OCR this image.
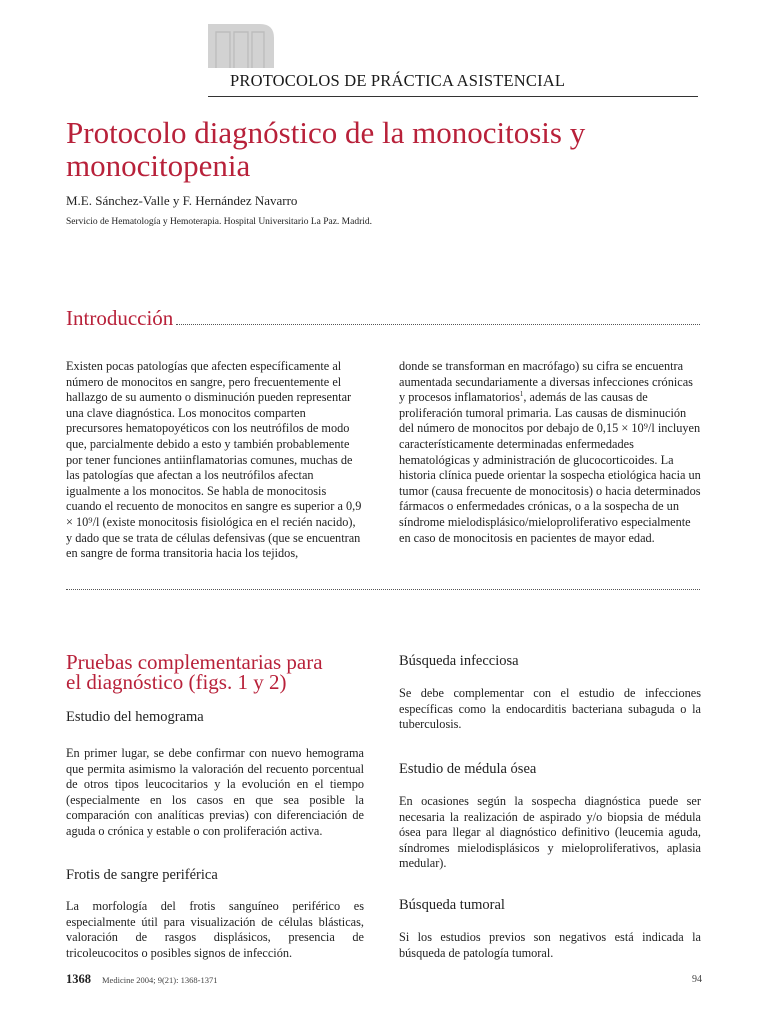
PROTOCOLOS DE PRÁCTICA ASISTENCIAL
Protocolo diagnóstico de la monocitosis y monocitopenia
M.E. Sánchez-Valle y F. Hernández Navarro
Servicio de Hematología y Hemoterapia. Hospital Universitario La Paz. Madrid.
Introducción

Existen pocas patologías que afecten específicamente al número de monocitos en sangre, pero frecuentemente el hallazgo de su aumento o disminución pueden representar una clave diagnóstica. Los monocitos comparten precursores hematopoyéticos con los neutrófilos de modo que, parcialmente debido a esto y también probablemente por tener funciones antiinflamatorias comunes, muchas de las patologías que afectan a los neutrófilos afectan igualmente a los monocitos. Se habla de monocitosis cuando el recuento de monocitos en sangre es superior a 0,9 × 10⁹/l (existe monocitosis fisiológica en el recién nacido), y dado que se trata de células defensivas (que se encuentran en sangre de forma transitoria hacia los tejidos,

donde se transforman en macrófago) su cifra se encuentra aumentada secundariamente a diversas infecciones crónicas y procesos inflamatorios$^1$, además de las causas de proliferación tumoral primaria. Las causas de disminución del número de monocitos por debajo de 0,15 × 10⁹/l incluyen característicamente determinadas enfermedades hematológicas y administración de glucocorticoides. La historia clínica puede orientar la sospecha etiológica hacia un tumor (causa frecuente de monocitosis) o hacia determinados fármacos o enfermedades crónicas, o a la sospecha de un síndrome mielodisplásico/mieloproliferativo especialmente en caso de monocitosis en pacientes de mayor edad.

Pruebas complementarias para
el diagnóstico (figs. 1 y 2)
Estudio del hemograma

En primer lugar, se debe confirmar con nuevo hemograma que permita asimismo la valoración del recuento porcentual de otros tipos leucocitarios y la evolución en el tiempo (especialmente en los casos en que sea posible la comparación con analíticas previas) con diferenciación de aguda o crónica y estable o con proliferación activa.

Frotis de sangre periférica

La morfología del frotis sanguíneo periférico es especialmente útil para visualización de células blásticas, valoración de rasgos displásicos, presencia de tricoleucocitos o posibles signos de infección.

Búsqueda infecciosa

Se debe complementar con el estudio de infecciones específicas como la endocarditis bacteriana subaguda o la tuberculosis.

Estudio de médula ósea

En ocasiones según la sospecha diagnóstica puede ser necesaria la realización de aspirado y/o biopsia de médula ósea para llegar al diagnóstico definitivo (leucemia aguda, síndromes mielodisplásicos y mieloproliferativos, aplasia medular).

Búsqueda tumoral

Si los estudios previos son negativos está indicada la búsqueda de patología tumoral.

1368 Medicine 2004; 9(21): 1368-1371	94
